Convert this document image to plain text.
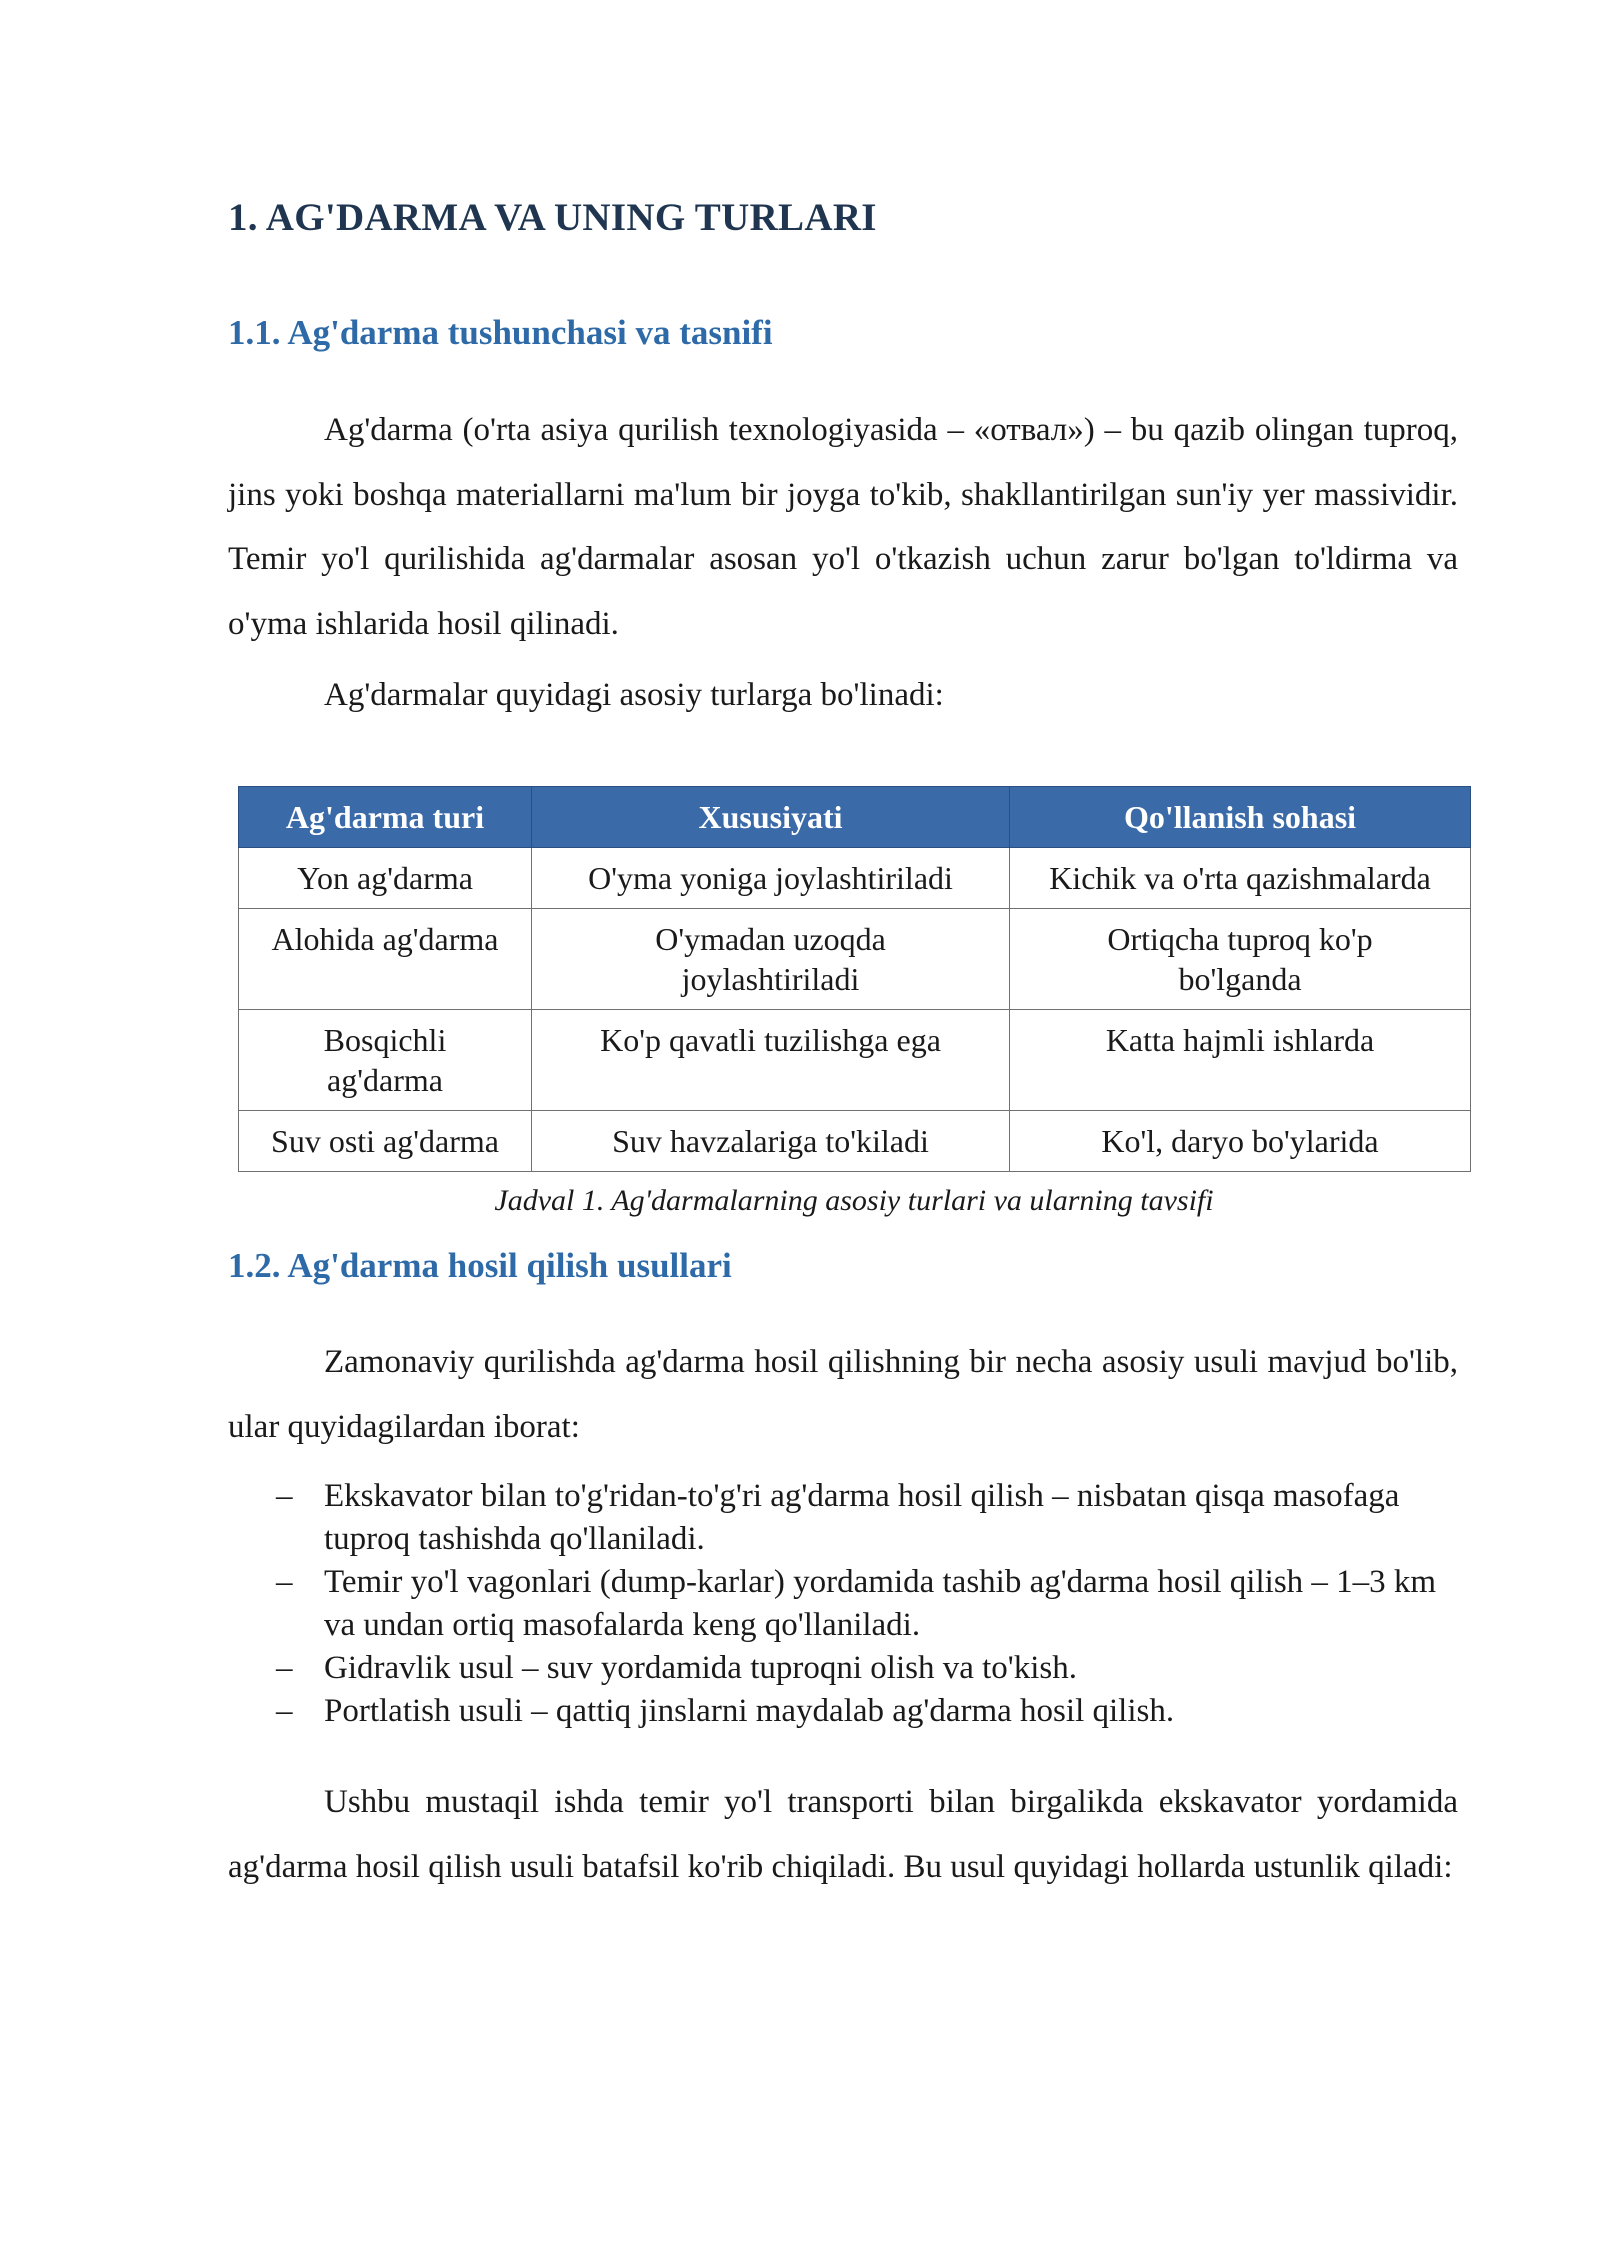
1. AG'DARMA VA UNING TURLARI
1.1. Ag'darma tushunchasi va tasnifi
Ag'darma (o'rta asiya qurilish texnologiyasida – «отвал») – bu qazib olingan tuproq, jins yoki boshqa materiallarni ma'lum bir joyga to'kib, shakllantirilgan sun'iy yer massividir. Temir yo'l qurilishida ag'darmalar asosan yo'l o'tkazish uchun zarur bo'lgan to'ldirma va o'yma ishlarida hosil qilinadi.
Ag'darmalar quyidagi asosiy turlarga bo'linadi:
Ag'darma turi	Xususiyati	Qo'llanish sohasi
Yon ag'darma	O'yma yoniga joylashtiriladi	Kichik va o'rta qazishmalarda
Alohida ag'darma	O'ymadan uzoqda joylashtiriladi	Ortiqcha tuproq ko'p bo'lganda
Bosqichli ag'darma	Ko'p qavatli tuzilishga ega	Katta hajmli ishlarda
Suv osti ag'darma	Suv havzalariga to'kiladi	Ko'l, daryo bo'ylarida
Jadval 1. Ag'darmalarning asosiy turlari va ularning tavsifi
1.2. Ag'darma hosil qilish usullari
Zamonaviy qurilishda ag'darma hosil qilishning bir necha asosiy usuli mavjud bo'lib, ular quyidagilardan iborat:
– Ekskavator bilan to'g'ridan-to'g'ri ag'darma hosil qilish – nisbatan qisqa masofaga tuproq tashishda qo'llaniladi.
– Temir yo'l vagonlari (dump-karlar) yordamida tashib ag'darma hosil qilish – 1–3 km va undan ortiq masofalarda keng qo'llaniladi.
– Gidravlik usul – suv yordamida tuproqni olish va to'kish.
– Portlatish usuli – qattiq jinslarni maydalab ag'darma hosil qilish.
Ushbu mustaqil ishda temir yo'l transporti bilan birgalikda ekskavator yordamida ag'darma hosil qilish usuli batafsil ko'rib chiqiladi. Bu usul quyidagi hollarda ustunlik qiladi:
